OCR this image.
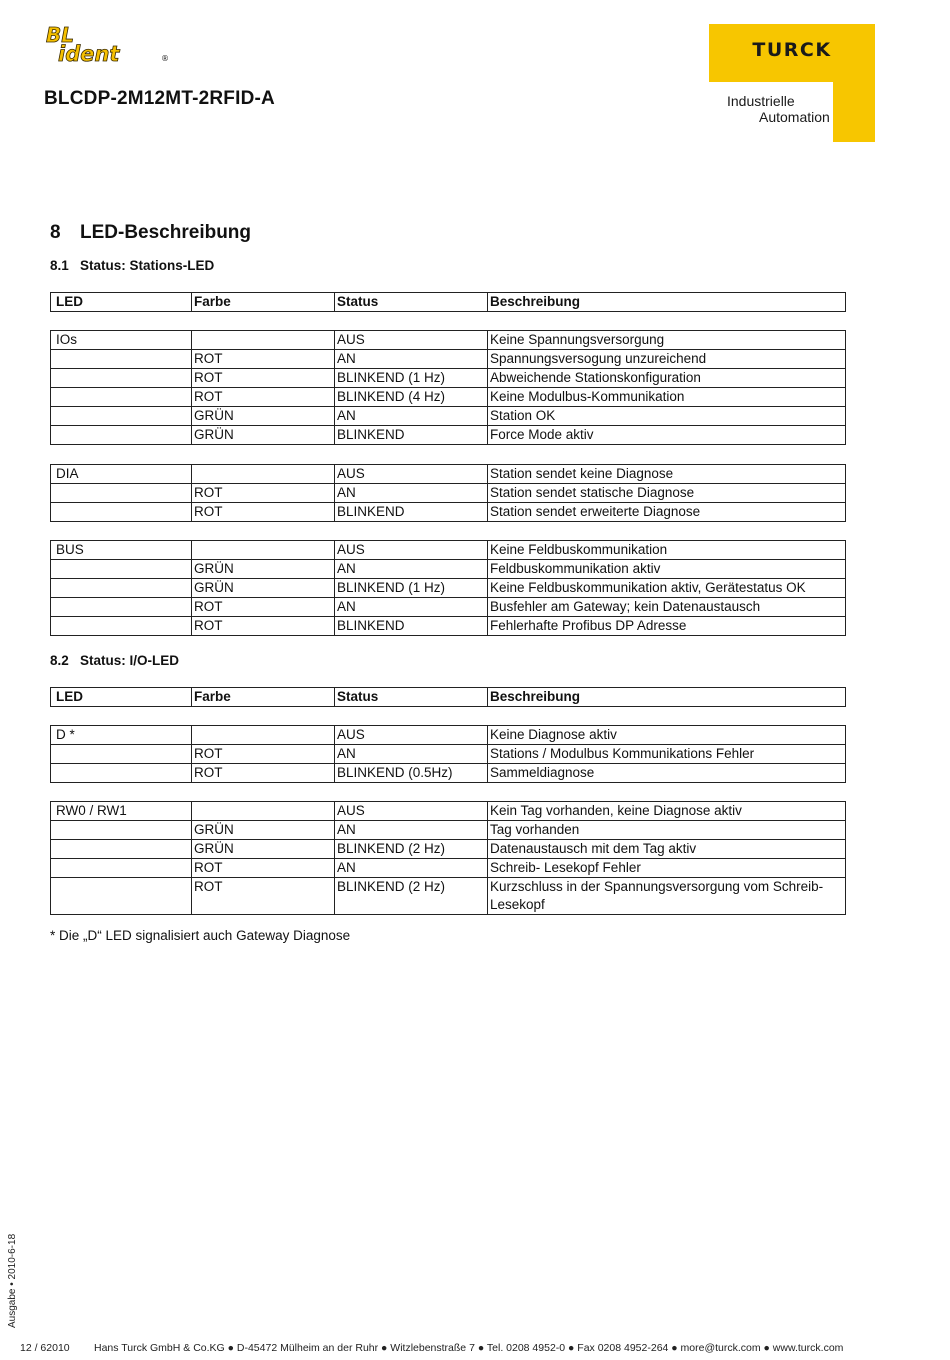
BL
ident	®
BLCDP-2M12MT-2RFID-A
TURCK
Industrielle
Automation
8 LED-Beschreibung
8.1 Status: Stations-LED
8.2 Status: I/O-LED
LED	Farbe	Status	Beschreibung
LED	Farbe	Status	Beschreibung
IOs		AUS	Keine Spannungsversorgung
	ROT	AN	Spannungsversogung unzureichend
	ROT	BLINKEND (1 Hz)	Abweichende Stationskonfiguration
	ROT	BLINKEND (4 Hz)	Keine Modulbus-Kommunikation
	GRÜN	AN	Station OK
	GRÜN	BLINKEND	Force Mode aktiv
DIA		AUS	Station sendet keine Diagnose
	ROT	AN	Station sendet statische Diagnose
	ROT	BLINKEND	Station sendet erweiterte Diagnose
BUS		AUS	Keine Feldbuskommunikation
	GRÜN	AN	Feldbuskommunikation aktiv
	GRÜN	BLINKEND (1 Hz)	Keine Feldbuskommunikation aktiv, Gerätestatus OK
	ROT	AN	Busfehler am Gateway; kein Datenaustausch
	ROT	BLINKEND	Fehlerhafte Profibus DP Adresse
D *		AUS	Keine Diagnose aktiv
	ROT	AN	Stations / Modulbus Kommunikations Fehler
	ROT	BLINKEND (0.5Hz)	Sammeldiagnose
RW0 / RW1		AUS	Kein Tag vorhanden, keine Diagnose aktiv
	GRÜN	AN	Tag vorhanden
	GRÜN	BLINKEND (2 Hz)	Datenaustausch mit dem Tag aktiv
	ROT	AN	Schreib- Lesekopf Fehler
	ROT	BLINKEND (2 Hz)	Kurzschluss in der Spannungsversorgung vom Schreib-Lesekopf
* Die „D“ LED signalisiert auch Gateway Diagnose
Ausgabe • 2010-6-18
12 / 62010 Hans Turck GmbH & Co.KG ● D-45472 Mülheim an der Ruhr ● Witzlebenstraße 7 ● Tel. 0208 4952-0 ● Fax 0208 4952-264 ● more@turck.com ● www.turck.com
